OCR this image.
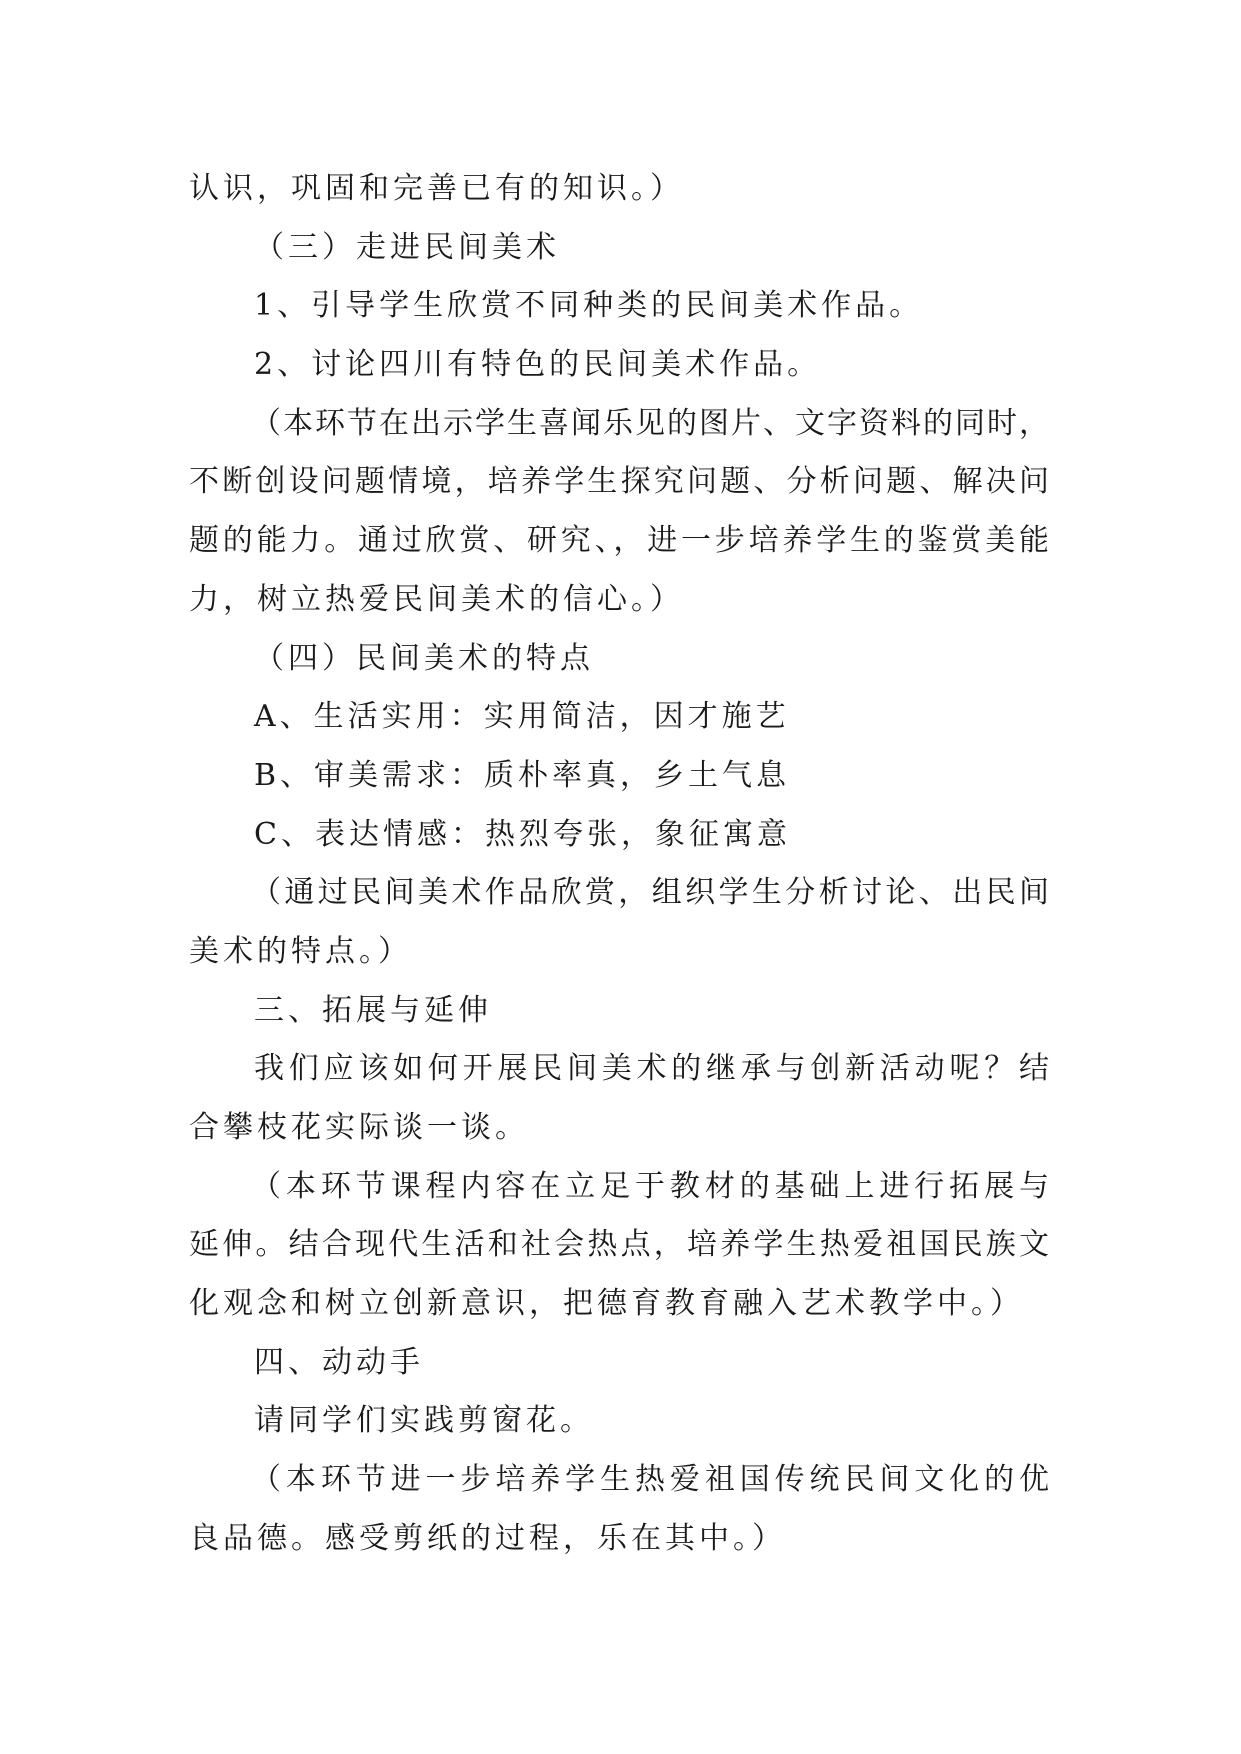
认识，巩固和完善已有的知识。）
（三）走进民间美术
1、引导学生欣赏不同种类的民间美术作品。
2、讨论四川有特色的民间美术作品。
（本环节在出示学生喜闻乐见的图片、文字资料的同时，
不断创设问题情境，培养学生探究问题、分析问题、解决问
题的能力。通过欣赏、研究、，进一步培养学生的鉴赏美能
力，树立热爱民间美术的信心。）
（四）民间美术的特点
A、生活实用：实用简洁，因才施艺
B、审美需求：质朴率真，乡土气息
C、表达情感：热烈夸张，象征寓意
（通过民间美术作品欣赏，组织学生分析讨论、出民间
美术的特点。）
三、拓展与延伸
我们应该如何开展民间美术的继承与创新活动呢？结
合攀枝花实际谈一谈。
（本环节课程内容在立足于教材的基础上进行拓展与
延伸。结合现代生活和社会热点，培养学生热爱祖国民族文
化观念和树立创新意识，把德育教育融入艺术教学中。）
四、动动手
请同学们实践剪窗花。
（本环节进一步培养学生热爱祖国传统民间文化的优
良品德。感受剪纸的过程，乐在其中。）
